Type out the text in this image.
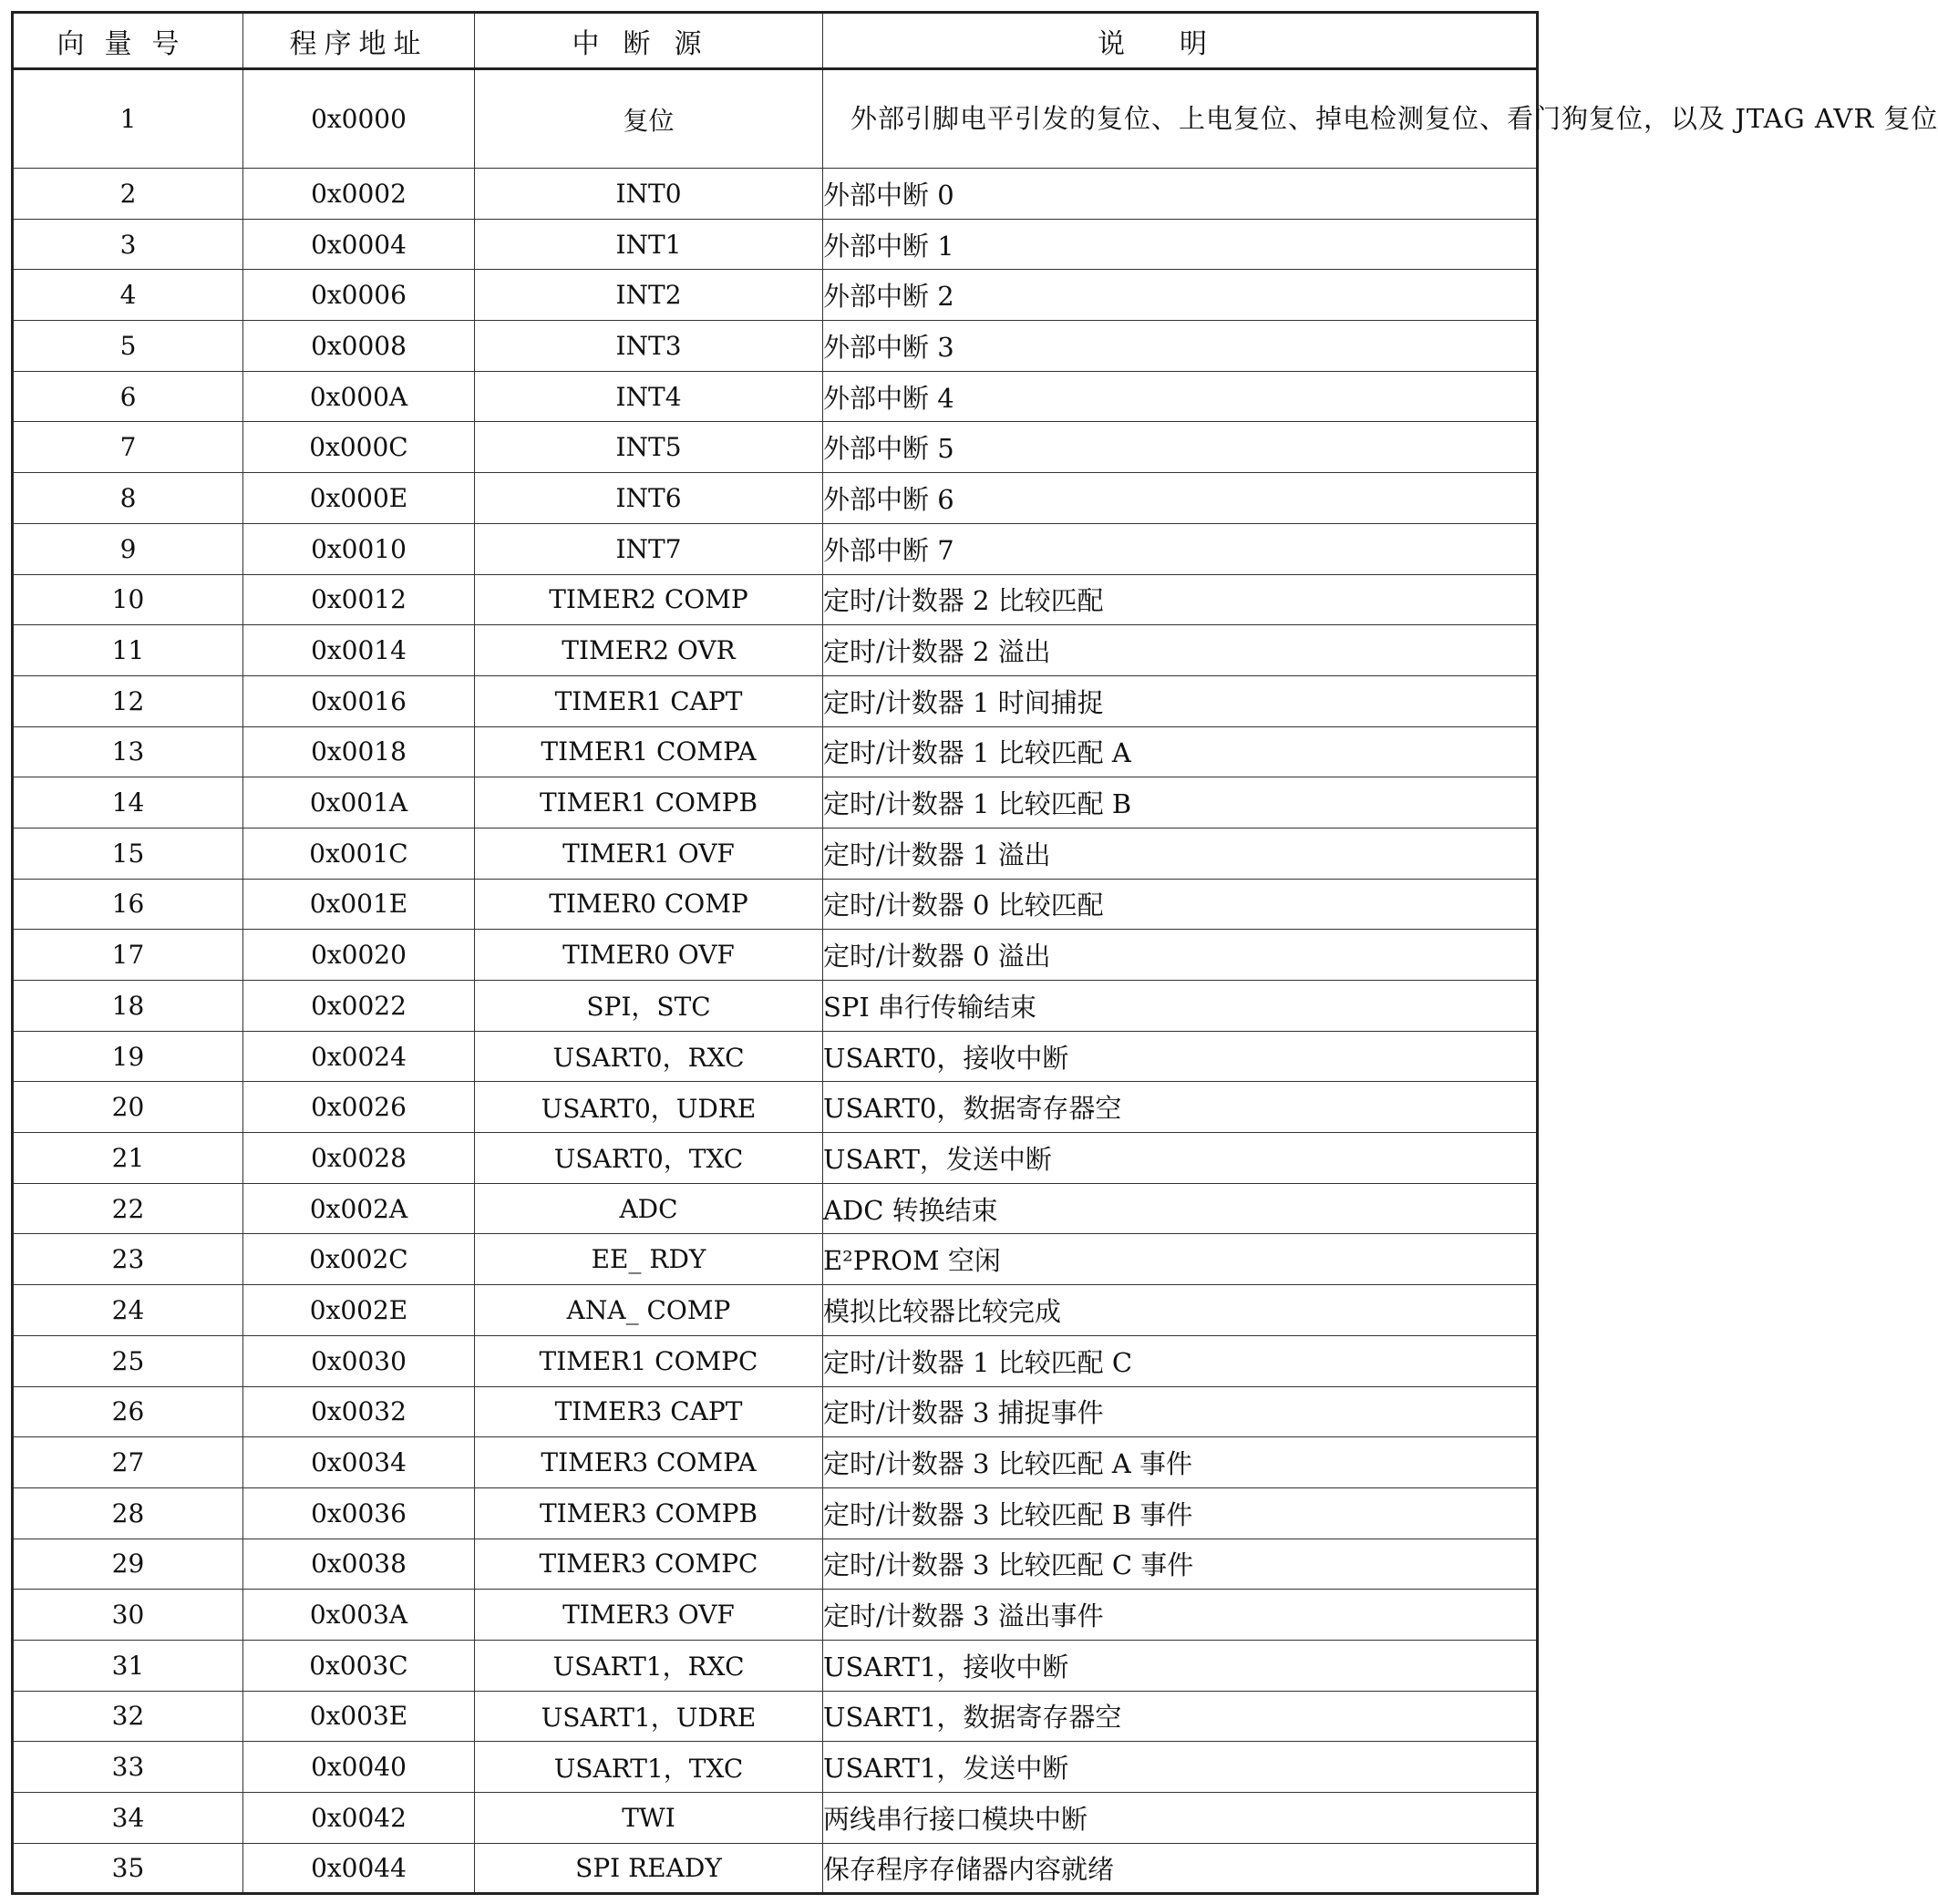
向量号	程序地址	中断源	说明
1	0x0000	复位	外部引脚电平引发的复位、上电复位、掉电检测复位、看门狗复位，以及 JTAG AVR 复位
2	0x0002	INT0	外部中断 0
3	0x0004	INT1	外部中断 1
4	0x0006	INT2	外部中断 2
5	0x0008	INT3	外部中断 3
6	0x000A	INT4	外部中断 4
7	0x000C	INT5	外部中断 5
8	0x000E	INT6	外部中断 6
9	0x0010	INT7	外部中断 7
10	0x0012	TIMER2 COMP	定时/计数器 2 比较匹配
11	0x0014	TIMER2 OVR	定时/计数器 2 溢出
12	0x0016	TIMER1 CAPT	定时/计数器 1 时间捕捉
13	0x0018	TIMER1 COMPA	定时/计数器 1 比较匹配 A
14	0x001A	TIMER1 COMPB	定时/计数器 1 比较匹配 B
15	0x001C	TIMER1 OVF	定时/计数器 1 溢出
16	0x001E	TIMER0 COMP	定时/计数器 0 比较匹配
17	0x0020	TIMER0 OVF	定时/计数器 0 溢出
18	0x0022	SPI，STC	SPI 串行传输结束
19	0x0024	USART0，RXC	USART0，接收中断
20	0x0026	USART0，UDRE	USART0，数据寄存器空
21	0x0028	USART0，TXC	USART，发送中断
22	0x002A	ADC	ADC 转换结束
23	0x002C	EE_ RDY	E²PROM 空闲
24	0x002E	ANA_ COMP	模拟比较器比较完成
25	0x0030	TIMER1 COMPC	定时/计数器 1 比较匹配 C
26	0x0032	TIMER3 CAPT	定时/计数器 3 捕捉事件
27	0x0034	TIMER3 COMPA	定时/计数器 3 比较匹配 A 事件
28	0x0036	TIMER3 COMPB	定时/计数器 3 比较匹配 B 事件
29	0x0038	TIMER3 COMPC	定时/计数器 3 比较匹配 C 事件
30	0x003A	TIMER3 OVF	定时/计数器 3 溢出事件
31	0x003C	USART1，RXC	USART1，接收中断
32	0x003E	USART1，UDRE	USART1，数据寄存器空
33	0x0040	USART1，TXC	USART1，发送中断
34	0x0042	TWI	两线串行接口模块中断
35	0x0044	SPI READY	保存程序存储器内容就绪
